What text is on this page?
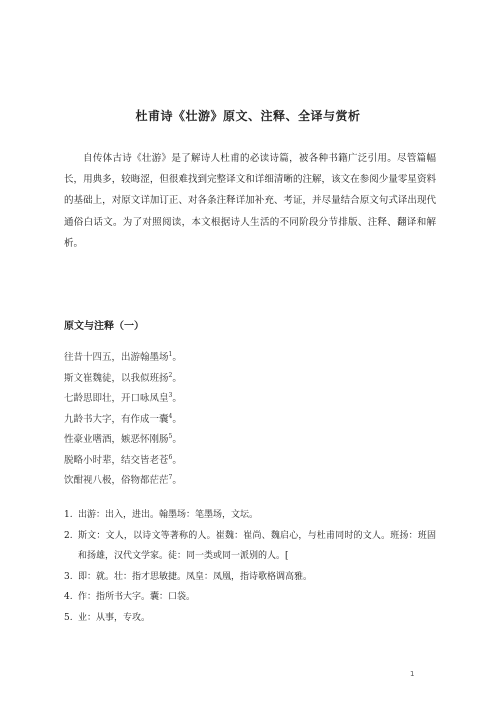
杜甫诗《壮游》原文、注释、全译与赏析

自传体古诗《壮游》是了解诗人杜甫的必读诗篇，被各种书籍广泛引用。尽管篇幅长，用典多，较晦涩，但很难找到完整译文和详细清晰的注解，该文在参阅少量零星资料的基础上，对原文详加订正、对各条注释详加补充、考证，并尽量结合原文句式译出现代通俗白话文。为了对照阅读，本文根据诗人生活的不同阶段分节排版、注释、翻译和解析。

原文与注释（一）
往昔十四五，出游翰墨场$^1$。
斯文崔魏徒，以我似班扬$^2$。
七龄思即壮，开口咏凤皇$^3$。
九龄书大字，有作成一囊$^4$。
性豪业嗜酒，嫉恶怀刚肠$^5$。
脱略小时辈，结交皆老苍$^6$。
饮酣视八极，俗物都茫茫$^7$。
1. 出游：出入，进出。翰墨场：笔墨场，文坛。
2. 斯文：文人，以诗文等著称的人。崔魏：崔尚、魏启心，与杜甫同时的文人。班扬：班固和扬雄，汉代文学家。徒：同一类或同一派别的人。[
3. 即：就。壮：指才思敏捷。凤皇：凤凰，指诗歌格调高雅。
4. 作：指所书大字。囊：口袋。
5. 业：从事，专攻。
1
